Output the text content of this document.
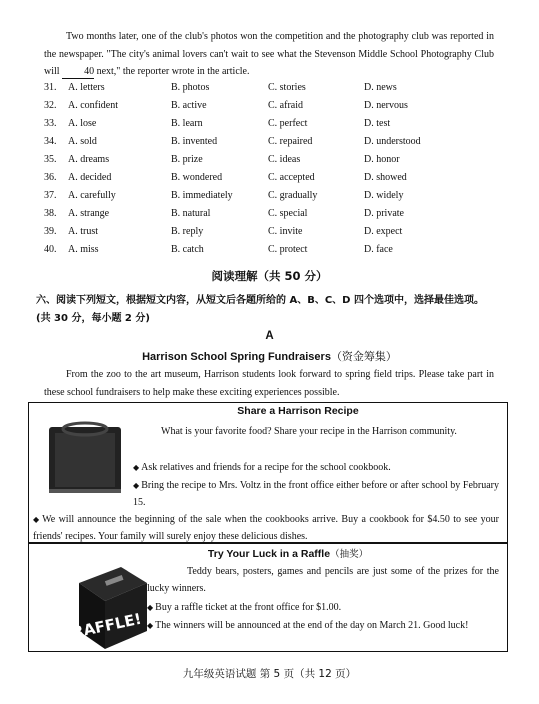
Two months later, one of the club's photos won the competition and the photography club was reported in the newspaper. "The city's animal lovers can't wait to see what the Stevenson Middle School Photography Club will 40 next," the reporter wrote in the article.
31. A. letters	B. photos	C. stories	D. news
32. A. confident	B. active	C. afraid	D. nervous
33. A. lose	B. learn	C. perfect	D. test
34. A. sold	B. invented	C. repaired	D. understood
35. A. dreams	B. prize	C. ideas	D. honor
36. A. decided	B. wondered	C. accepted	D. showed
37. A. carefully	B. immediately	C. gradually	D. widely
38. A. strange	B. natural	C. special	D. private
39. A. trust	B. reply	C. invite	D. expect
40. A. miss	B. catch	C. protect	D. face
阅读理解（共 50 分）
六、阅读下列短文，根据短文内容，从短文后各题所给的 A、B、C、D 四个选项中，选择最佳选项。(共 30 分，每小题 2 分)
A
Harrison School Spring Fundraisers（资金筹集）
From the zoo to the art museum, Harrison students look forward to spring field trips. Please take part in these school fundraisers to help make these exciting experiences possible.
Share a Harrison Recipe
What is your favorite food? Share your recipe in the Harrison community.
◆ Ask relatives and friends for a recipe for the school cookbook.
◆ Bring the recipe to Mrs. Voltz in the front office either before or after school by February 15.
◆ We will announce the beginning of the sale when the cookbooks arrive. Buy a cookbook for $4.50 to see your friends' recipes. Your family will surely enjoy these delicious dishes.
Try Your Luck in a Raffle（抽奖）
RAFFLE!
Teddy bears, posters, games and pencils are just some of the prizes for the lucky winners.
◆ Buy a raffle ticket at the front office for $1.00.
◆ The winners will be announced at the end of the day on March 21. Good luck!
九年级英语试题 第 5 页（共 12 页）
